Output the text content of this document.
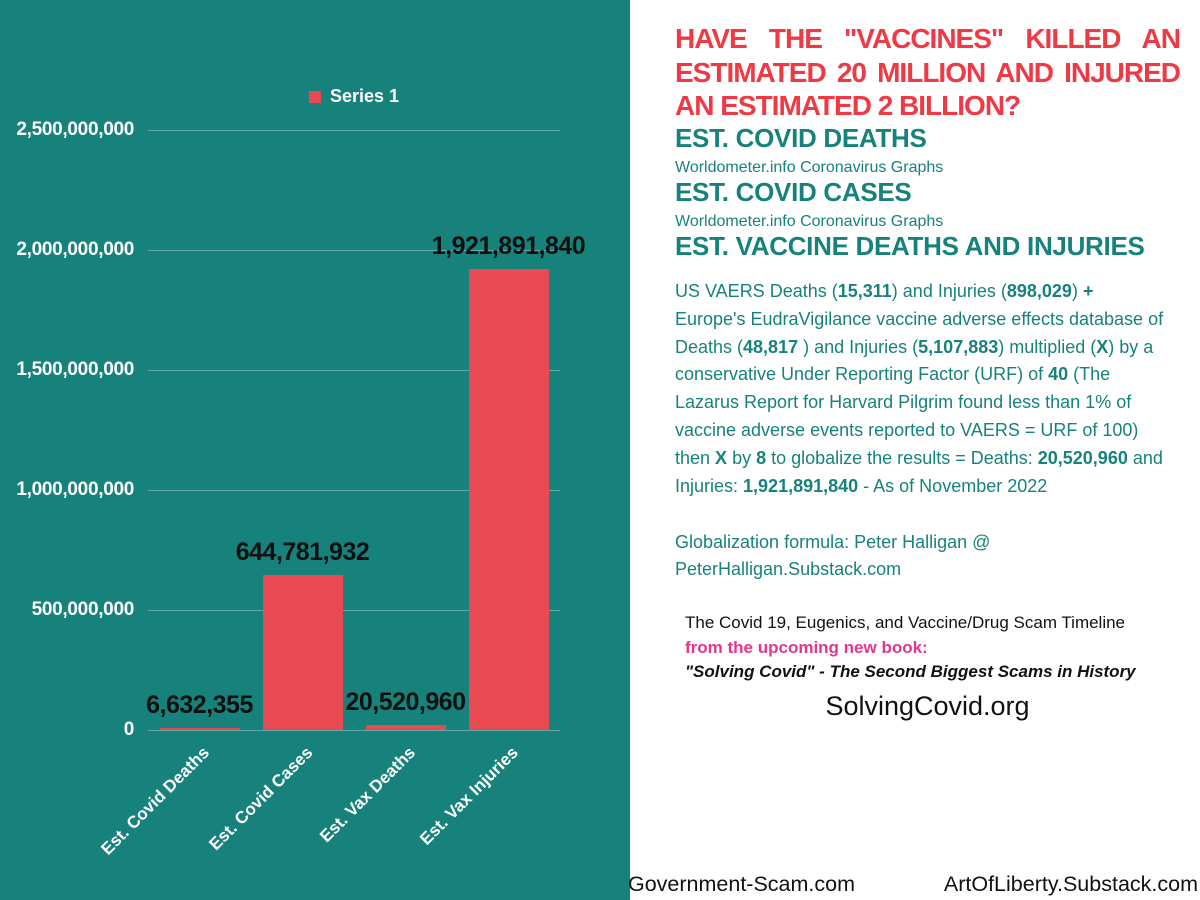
Series 1
2,500,000,000
2,000,000,000
1,500,000,000
1,000,000,000
500,000,000
0
6,632,355
644,781,932
20,520,960
1,921,891,840
Est. Covid Deaths
Est. Covid Cases Est. Vax Deaths
Est. Vax Injuries
HAVE THE "VACCINES" KILLED AN ESTIMATED 20 MILLION AND INJURED AN ESTIMATED 2 BILLION?
EST. COVID DEATHS

Worldometer.info Coronavirus Graphs

EST. COVID CASES

Worldometer.info Coronavirus Graphs

EST. VACCINE DEATHS AND INJURIES

US VAERS Deaths (15,311) and Injuries (898,029) + Europe's EudraVigilance vaccine adverse effects database of Deaths (48,817 ) and Injuries (5,107,883) multiplied (X) by a conservative Under Reporting Factor (URF) of 40 (The Lazarus Report for Harvard Pilgrim found less than 1% of vaccine adverse events reported to VAERS = URF of 100) then X by 8 to globalize the results = Deaths: 20,520,960 and Injuries: 1,921,891,840 - As of November 2022

Globalization formula: Peter Halligan @ PeterHalligan.Substack.com

The Covid 19, Eugenics, and Vaccine/Drug Scam Timeline

from the upcoming new book:

"Solving Covid" - The Second Biggest Scams in History

SolvingCovid.org

Government-Scam.com	ArtOfLiberty.Substack.com
